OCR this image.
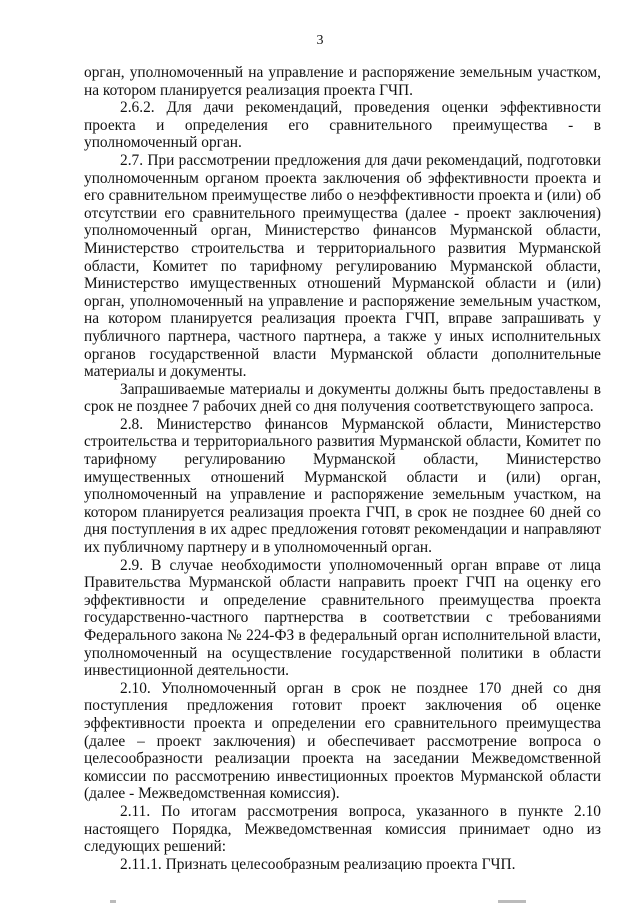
3

орган, уполномоченный на управление и распоряжение земельным участком, на котором планируется реализация проекта ГЧП.

2.6.2. Для дачи рекомендаций, проведения оценки эффективности проекта и определения его сравнительного преимущества - в уполномоченный орган.

2.7. При рассмотрении предложения для дачи рекомендаций, подготовки уполномоченным органом проекта заключения об эффективности проекта и его сравнительном преимуществе либо о неэффективности проекта и (или) об отсутствии его сравнительного преимущества (далее - проект заключения) уполномоченный орган, Министерство финансов Мурманской области, Министерство строительства и территориального развития Мурманской области, Комитет по тарифному регулированию Мурманской области, Министерство имущественных отношений Мурманской области и (или) орган, уполномоченный на управление и распоряжение земельным участком, на котором планируется реализация проекта ГЧП, вправе запрашивать у публичного партнера, частного партнера, а также у иных исполнительных органов государственной власти Мурманской области дополнительные материалы и документы.

Запрашиваемые материалы и документы должны быть предоставлены в срок не позднее 7 рабочих дней со дня получения соответствующего запроса.

2.8. Министерство финансов Мурманской области, Министерство строительства и территориального развития Мурманской области, Комитет по тарифному регулированию Мурманской области, Министерство имущественных отношений Мурманской области и (или) орган, уполномоченный на управление и распоряжение земельным участком, на котором планируется реализация проекта ГЧП, в срок не позднее 60 дней со дня поступления в их адрес предложения готовят рекомендации и направляют их публичному партнеру и в уполномоченный орган.

2.9. В случае необходимости уполномоченный орган вправе от лица Правительства Мурманской области направить проект ГЧП на оценку его эффективности и определение сравнительного преимущества проекта государственно-частного партнерства в соответствии с требованиями Федерального закона № 224-ФЗ в федеральный орган исполнительной власти, уполномоченный на осуществление государственной политики в области инвестиционной деятельности.

2.10. Уполномоченный орган в срок не позднее 170 дней со дня поступления предложения готовит проект заключения об оценке эффективности проекта и определении его сравнительного преимущества (далее – проект заключения) и обеспечивает рассмотрение вопроса о целесообразности реализации проекта на заседании Межведомственной комиссии по рассмотрению инвестиционных проектов Мурманской области (далее - Межведомственная комиссия).

2.11. По итогам рассмотрения вопроса, указанного в пункте 2.10 настоящего Порядка, Межведомственная комиссия принимает одно из следующих решений:

2.11.1. Признать целесообразным реализацию проекта ГЧП.
